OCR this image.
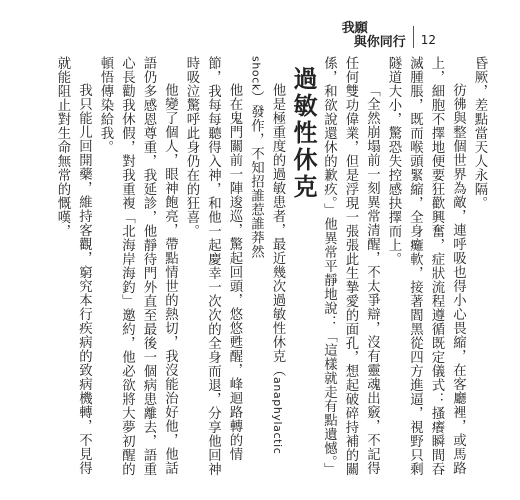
我願
與你同行 12

昏厥，差點當天人永隔。

彷彿與整個世界為敵，連呼吸也得小心畏縮，在客廳裡，或馬路上，細胞不擇地便要狂歡興奮，症狀流程遵循既定儀式：搔癢瞬間吞滅腫脹，既而喉頭緊縮，全身癱軟，接著閻黑從四方進逼，視野只剩隧道大小，驚恐失控感抉擇而上。

「全然崩塌前一刻異常清醒，不太爭辯，沒有靈魂出竅，不記得任何雙功偉業，但是浮現一張張此生摯愛的面孔，想起破碎持補的關係，和欲說還休的歉疚。」他異常平靜地說：「這樣就走有點遺憾。」

過敏性休克

他是極重度的過敏患者，最近幾次過敏性休克（anaphylactic shock）發作，不知招誰惹誰莽然

他在鬼門關前一陣逡巡，驚起回頭，悠悠甦醒，峰迴路轉的情節，我每每聽得入神，和他一起慶幸一次次的全身而退，分享他回神時吸泣驚呼此身仍在的狂喜。

他變了個人，眼神飽亮，帶點情世的熱切，我沒能治好他，他話語仍多感恩尊重，我延診，他靜待門外直至最後一個病患離去，語重心長勸我休假，對我重複「北海岸海釣」邀約，他必欲將大夢初醒的頓悟傳染給我。

我只能儿回開藥，維持客觀，窮究本行疾病的致病機轉，不見得就能阻止對生命無常的慨嘆，
